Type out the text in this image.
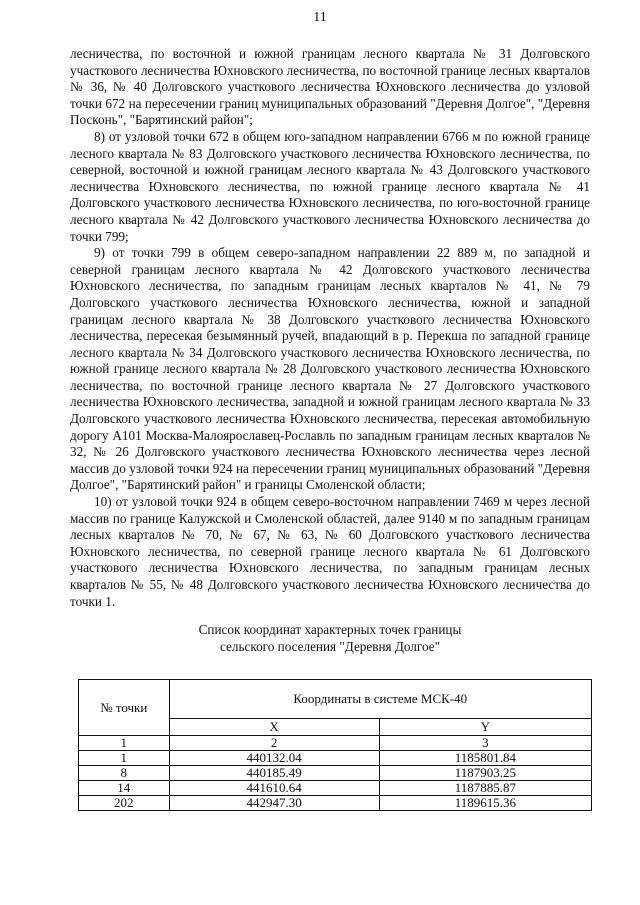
11

лесничества, по восточной и южной границам лесного квартала № 31 Долговского участкового лесничества Юхновского лесничества, по восточной границе лесных кварталов № 36, № 40 Долговского участкового лесничества Юхновского лесничества до узловой точки 672 на пересечении границ муниципальных образований "Деревня Долгое", "Деревня Посконь", "Барятинский район";

8) от узловой точки 672 в общем юго-западном направлении 6766 м по южной границе лесного квартала № 83 Долговского участкового лесничества Юхновского лесничества, по северной, восточной и южной границам лесного квартала № 43 Долговского участкового лесничества Юхновского лесничества, по южной границе лесного квартала № 41 Долговского участкового лесничества Юхновского лесничества, по юго-восточной границе лесного квартала № 42 Долговского участкового лесничества Юхновского лесничества до точки 799;

9) от точки 799 в общем северо-западном направлении 22 889 м, по западной и северной границам лесного квартала № 42 Долговского участкового лесничества Юхновского лесничества, по западным границам лесных кварталов № 41, № 79 Долговского участкового лесничества Юхновского лесничества, южной и западной границам лесного квартала № 38 Долговского участкового лесничества Юхновского лесничества, пересекая безымянный ручей, впадающий в р. Перекша по западной границе лесного квартала № 34 Долговского участкового лесничества Юхновского лесничества, по южной границе лесного квартала № 28 Долговского участкового лесничества Юхновского лесничества, по восточной границе лесного квартала № 27 Долговского участкового лесничества Юхновского лесничества, западной и южной границам лесного квартала № 33 Долговского участкового лесничества Юхновского лесничества, пересекая автомобильную дорогу А101 Москва-Малоярославец-Рославль по западным границам лесных кварталов № 32, № 26 Долговского участкового лесничества Юхновского лесничества через лесной массив до узловой точки 924 на пересечении границ муниципальных образований "Деревня Долгое", "Барятинский район" и границы Смоленской области;

10) от узловой точки 924 в общем северо-восточном направлении 7469 м через лесной массив по границе Калужской и Смоленской областей, далее 9140 м по западным границам лесных кварталов № 70, № 67, № 63, № 60 Долговского участкового лесничества Юхновского лесничества, по северной границе лесного квартала № 61 Долговского участкового лесничества Юхновского лесничества, по западным границам лесных кварталов № 55, № 48 Долговского участкового лесничества Юхновского лесничества до точки 1.

Список координат характерных точек границы
сельского поселения "Деревня Долгое"
№ точки	Координаты в системе МСК-40	
	X	Y
1	2	3
1	440132.04	1185801.84
8	440185.49	1187903.25
14	441610.64	1187885.87
202	442947.30	1189615.36
